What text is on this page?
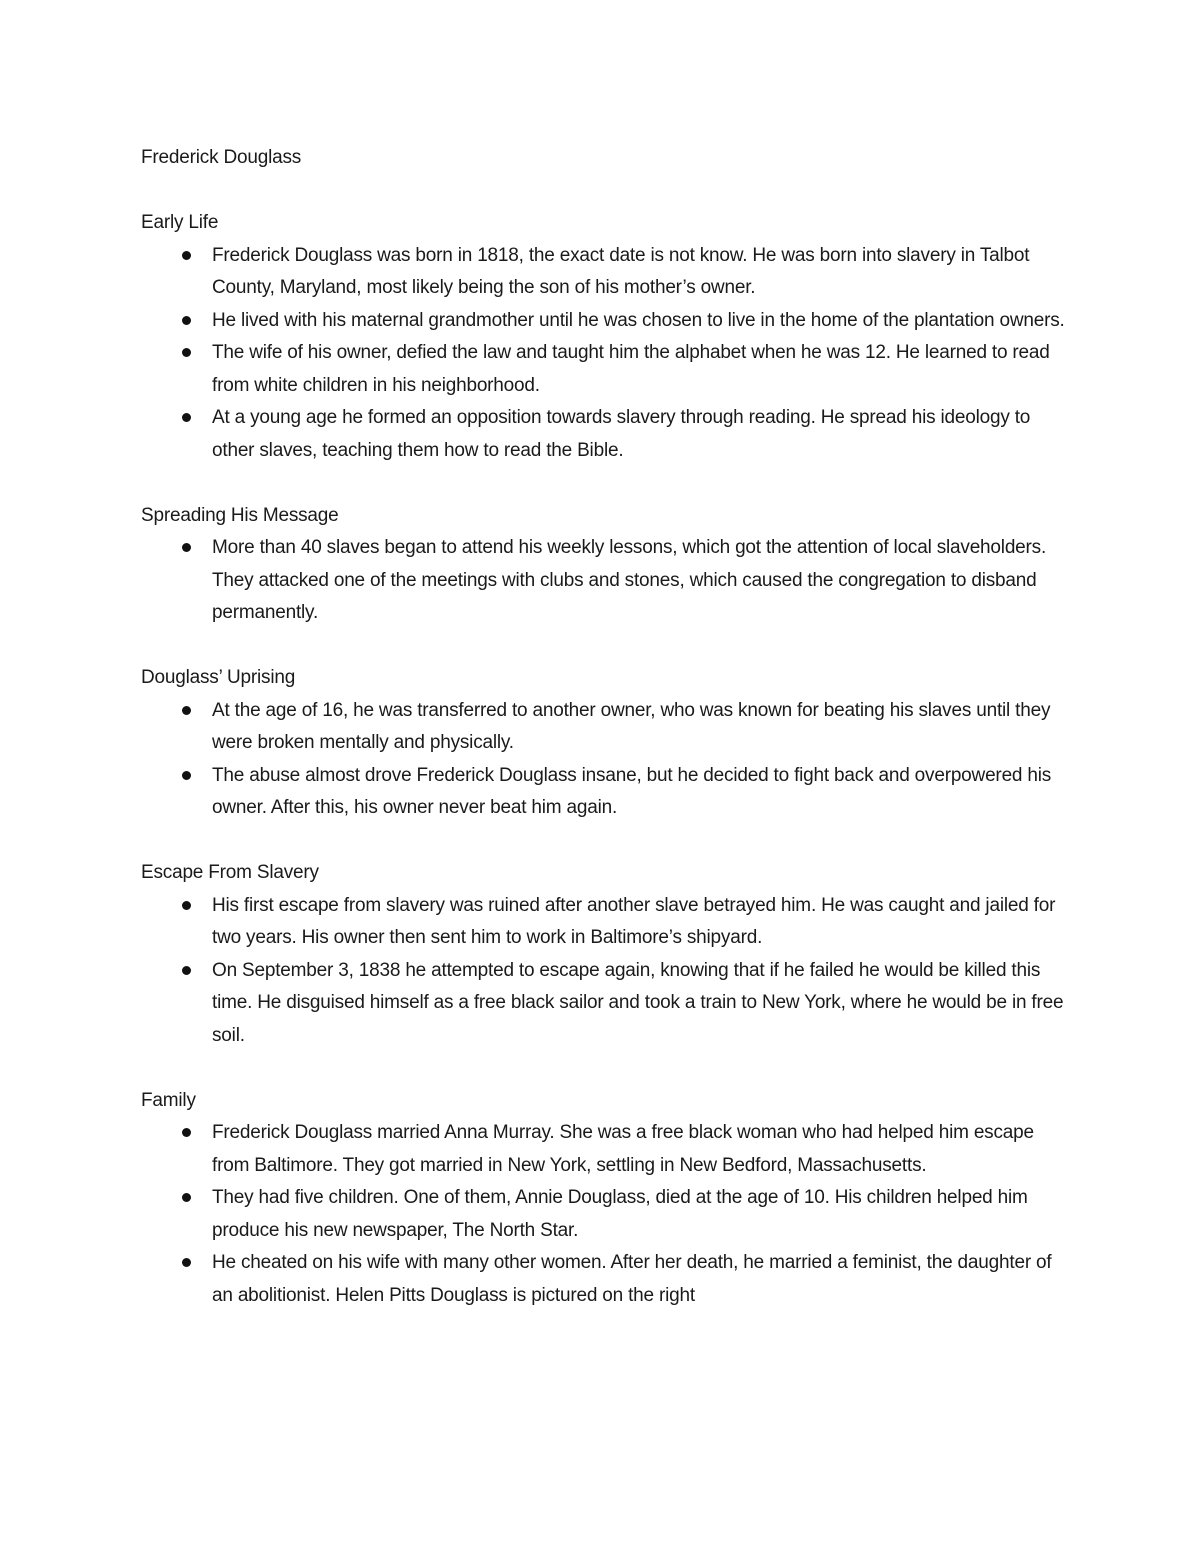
Frederick Douglass
Early Life
Frederick Douglass was born in 1818, the exact date is not know. He was born into slavery in Talbot County, Maryland, most likely being the son of his mother’s owner.
He lived with his maternal grandmother until he was chosen to live in the home of the plantation owners.
The wife of his owner, defied the law and taught him the alphabet when he was 12. He learned to read from white children in his neighborhood.
At a young age he formed an opposition towards slavery through reading. He spread his ideology to other slaves, teaching them how to read the Bible.
Spreading His Message
More than 40 slaves began to attend his weekly lessons, which got the attention of local slaveholders. They attacked one of the meetings with clubs and stones, which caused the congregation to disband permanently.
Douglass’ Uprising
At the age of 16, he was transferred to another owner, who was known for beating his slaves until they were broken mentally and physically.
The abuse almost drove Frederick Douglass insane, but he decided to fight back and overpowered his owner. After this, his owner never beat him again.
Escape From Slavery
His first escape from slavery was ruined after another slave betrayed him. He was caught and jailed for two years. His owner then sent him to work in Baltimore’s shipyard.
On September 3, 1838 he attempted to escape again, knowing that if he failed he would be killed this time. He disguised himself as a free black sailor and took a train to New York, where he would be in free soil.
Family
Frederick Douglass married Anna Murray. She was a free black woman who had helped him escape from Baltimore. They got married in New York, settling in New Bedford, Massachusetts.
They had five children. One of them, Annie Douglass, died at the age of 10. His children helped him produce his new newspaper, The North Star.
He cheated on his wife with many other women. After her death, he married a feminist, the daughter of an abolitionist. Helen Pitts Douglass is pictured on the right
